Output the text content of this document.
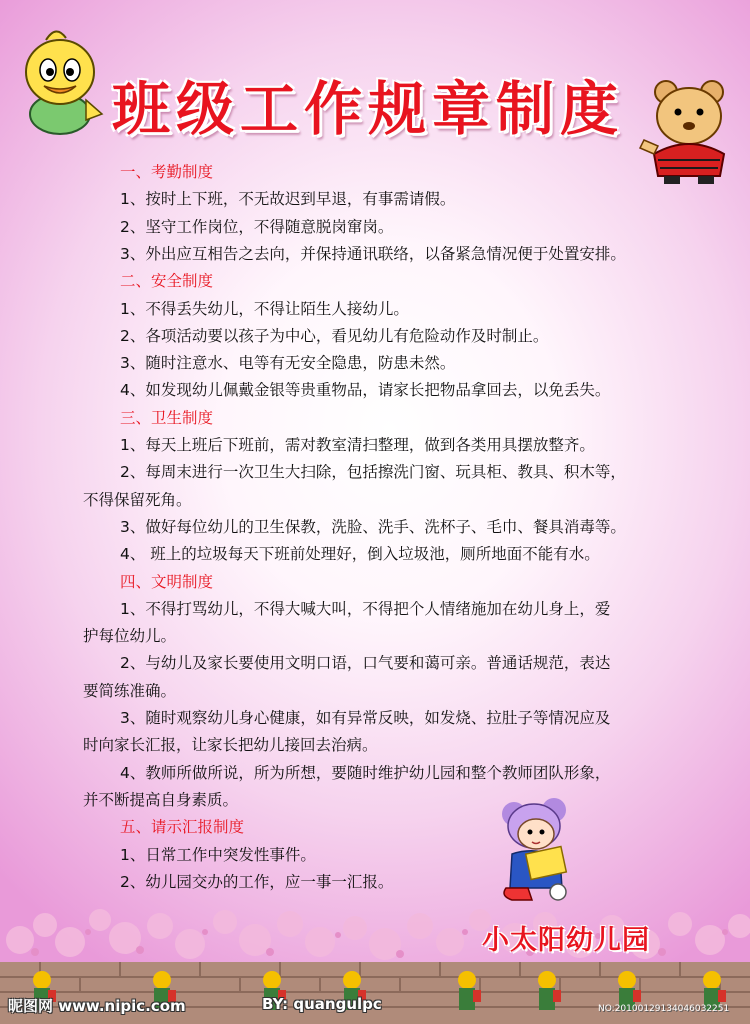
班级工作规章制度
一、考勤制度
1、按时上下班，不无故迟到早退，有事需请假。
2、坚守工作岗位，不得随意脱岗窜岗。
3、外出应互相告之去向，并保持通讯联络，以备紧急情况便于处置安排。
二、安全制度
1、不得丢失幼儿，不得让陌生人接幼儿。
2、各项活动要以孩子为中心，看见幼儿有危险动作及时制止。
3、随时注意水、电等有无安全隐患，防患未然。
4、如发现幼儿佩戴金银等贵重物品，请家长把物品拿回去，以免丢失。
三、卫生制度
1、每天上班后下班前，需对教室清扫整理，做到各类用具摆放整齐。
2、每周末进行一次卫生大扫除，包括擦洗门窗、玩具柜、教具、积木等，
不得保留死角。
3、做好每位幼儿的卫生保教，洗脸、洗手、洗杯子、毛巾、餐具消毒等。
4、 班上的垃圾每天下班前处理好，倒入垃圾池，厕所地面不能有水。
四、文明制度
1、不得打骂幼儿，不得大喊大叫，不得把个人情绪施加在幼儿身上，爱
护每位幼儿。
2、与幼儿及家长要使用文明口语，口气要和蔼可亲。普通话规范，表达
要简练准确。
3、随时观察幼儿身心健康，如有异常反映，如发烧、拉肚子等情况应及
时向家长汇报，让家长把幼儿接回去治病。
4、教师所做所说，所为所想，要随时维护幼儿园和整个教师团队形象，
并不断提高自身素质。
五、请示汇报制度
1、日常工作中突发性事件。
2、幼儿园交办的工作，应一事一汇报。
小太阳幼儿园
昵图网 www.nipic.com	BY: quangulpc	NO:20100129134046032251
